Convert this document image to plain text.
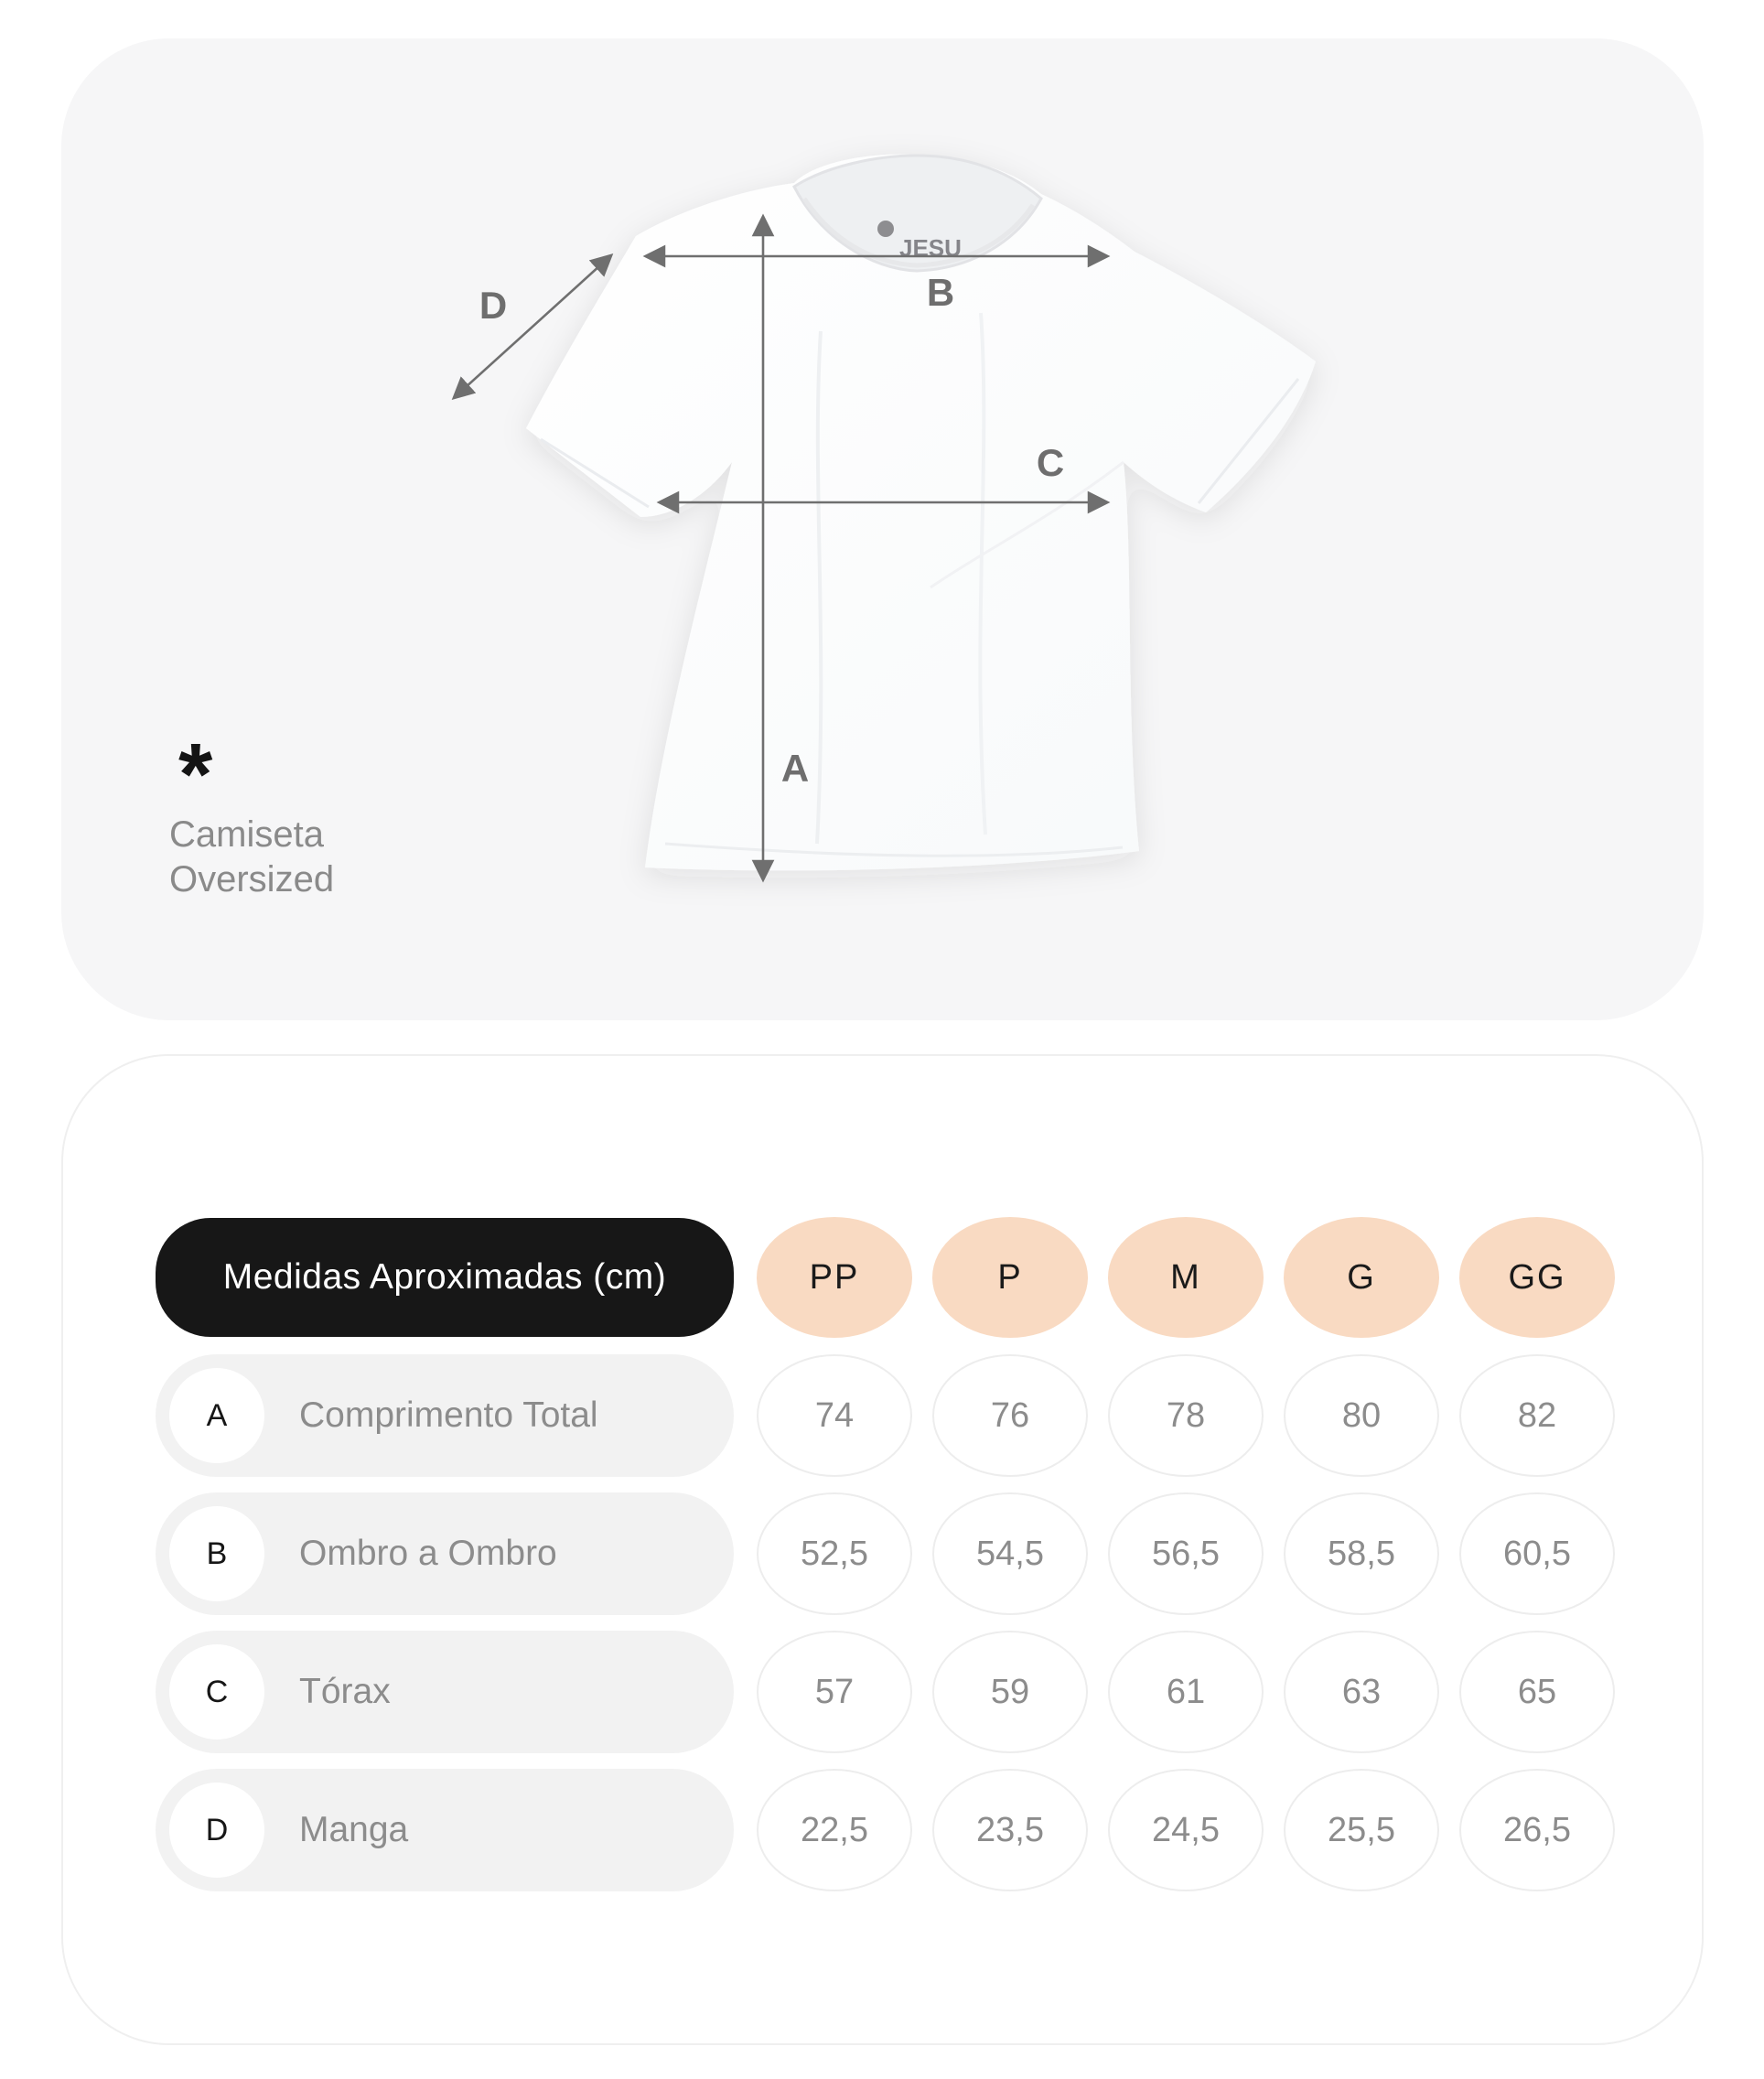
JESU
A
B
C
D
*
Camiseta
Oversized
Medidas Aproximadas (cm)	PP	P	M	G	GG
A	Comprimento Total	74	76	78	80	82
B	Ombro a Ombro	52,5	54,5	56,5	58,5	60,5
C	Tórax	57	59	61	63	65
D	Manga	22,5	23,5	24,5	25,5	26,5
